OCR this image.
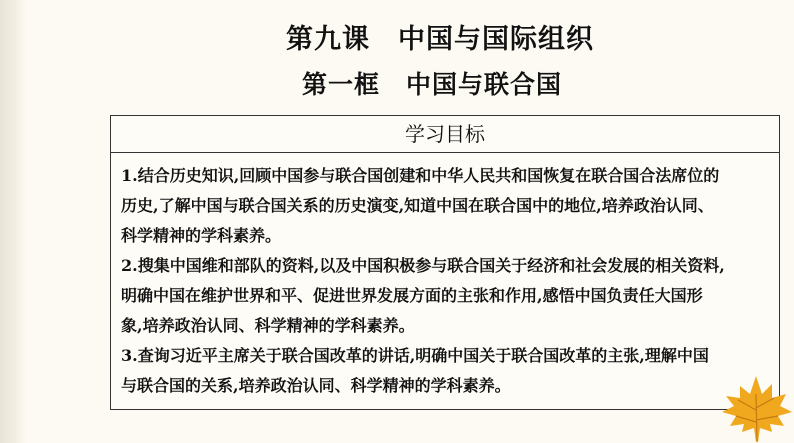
第九课 中国与国际组织
第一框 中国与联合国
学习目标
1.结合历史知识,回顾中国参与联合国创建和中华人民共和国恢复在联合国合法席位的
历史,了解中国与联合国关系的历史演变,知道中国在联合国中的地位,培养政治认同、
科学精神的学科素养。
2.搜集中国维和部队的资料,以及中国积极参与联合国关于经济和社会发展的相关资料,
明确中国在维护世界和平、促进世界发展方面的主张和作用,感悟中国负责任大国形
象,培养政治认同、科学精神的学科素养。
3.查询习近平主席关于联合国改革的讲话,明确中国关于联合国改革的主张,理解中国
与联合国的关系,培养政治认同、科学精神的学科素养。
